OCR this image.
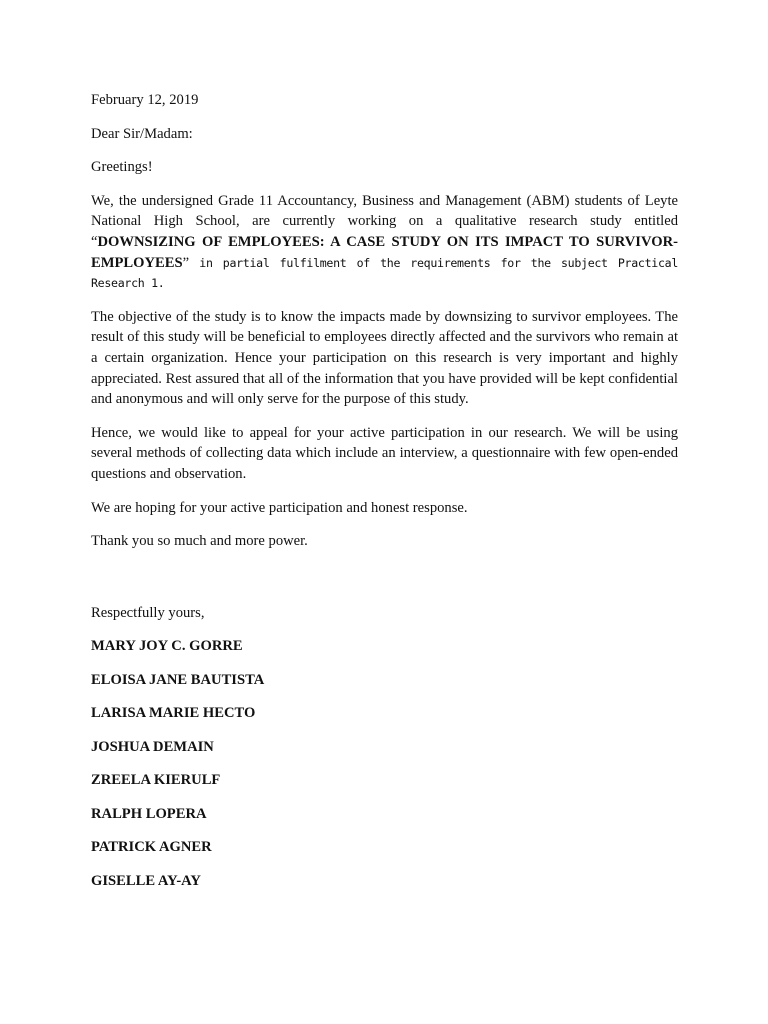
February 12, 2019

Dear Sir/Madam:

Greetings!

We, the undersigned Grade 11 Accountancy, Business and Management (ABM) students of Leyte National High School, are currently working on a qualitative research study entitled “DOWNSIZING OF EMPLOYEES: A CASE STUDY ON ITS IMPACT TO SURVIVOR-EMPLOYEES” in partial fulfilment of the requirements for the subject Practical Research 1.

The objective of the study is to know the impacts made by downsizing to survivor employees. The result of this study will be beneficial to employees directly affected and the survivors who remain at a certain organization. Hence your participation on this research is very important and highly appreciated. Rest assured that all of the information that you have provided will be kept confidential and anonymous and will only serve for the purpose of this study.

Hence, we would like to appeal for your active participation in our research. We will be using several methods of collecting data which include an interview, a questionnaire with few open-ended questions and observation.

We are hoping for your active participation and honest response.

Thank you so much and more power.

Respectfully yours,

MARY JOY C. GORRE
ELOISA JANE BAUTISTA
LARISA MARIE HECTO
JOSHUA DEMAIN
ZREELA KIERULF
RALPH LOPERA
PATRICK AGNER
GISELLE AY-AY
